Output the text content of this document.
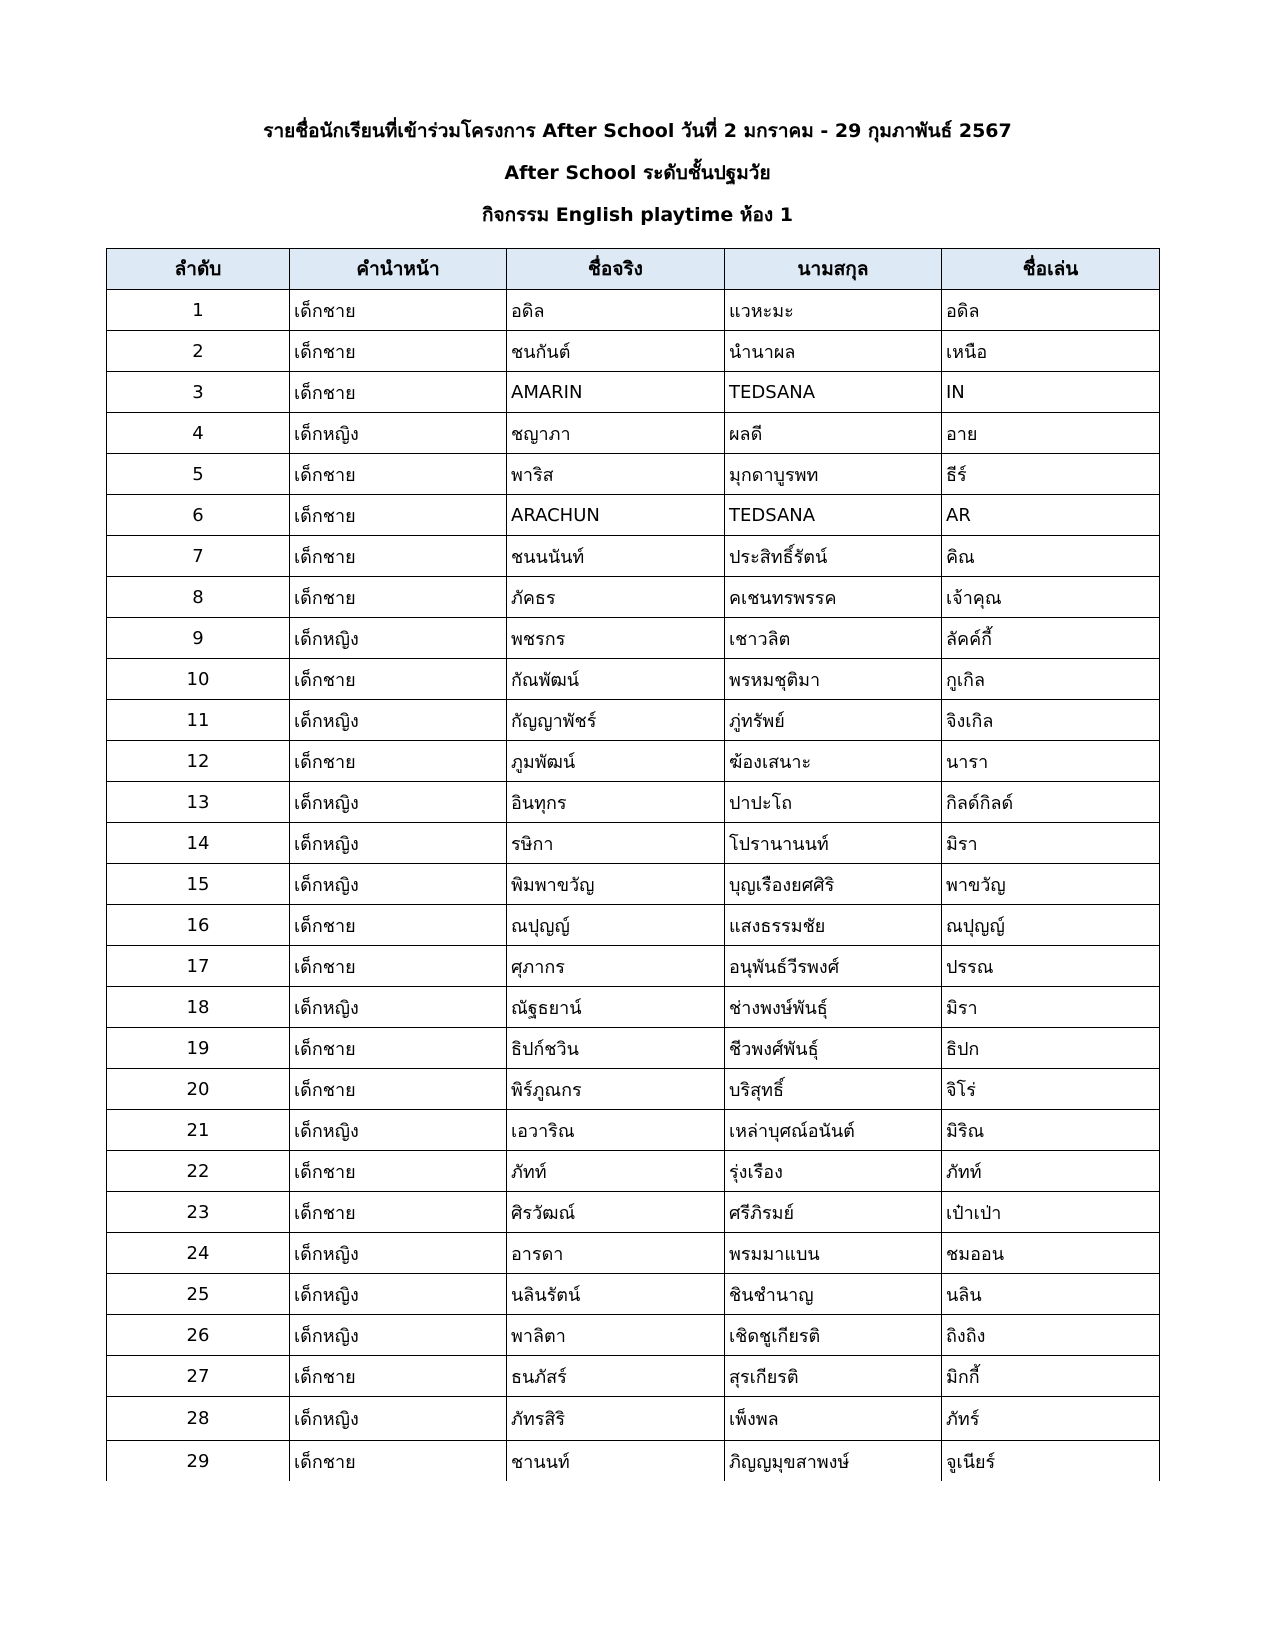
รายชื่อนักเรียนที่เข้าร่วมโครงการ After School วันที่ 2 มกราคม - 29 กุมภาพันธ์ 2567

After School ระดับชั้นปฐมวัย

กิจกรรม English playtime ห้อง 1

ลำดับ	คำนำหน้า	ชื่อจริง	นามสกุล	ชื่อเล่น
1	เด็กชาย	อดิล	แวหะมะ	อดิล
2	เด็กชาย	ชนกันต์	นำนาผล	เหนือ
3	เด็กชาย	AMARIN	TEDSANA	IN
4	เด็กหญิง	ชญาภา	ผลดี	อาย
5	เด็กชาย	พาริส	มุกดาบูรพท	ธีร์
6	เด็กชาย	ARACHUN	TEDSANA	AR
7	เด็กชาย	ชนนนันท์	ประสิทธิ์รัตน์	คิณ
8	เด็กชาย	ภัคธร	คเชนทรพรรค	เจ้าคุณ
9	เด็กหญิง	พชรกร	เชาวลิต	ลัคค์กี้
10	เด็กชาย	กัณพัฒน์	พรหมชุติมา	กูเกิล
11	เด็กหญิง	กัญญาพัชร์	ภู่ทรัพย์	จิงเกิล
12	เด็กชาย	ภูมพัฒน์	ฆ้องเสนาะ	นารา
13	เด็กหญิง	อินทุกร	ปาปะโถ	กิลด์กิลด์
14	เด็กหญิง	รษิกา	โปรานานนท์	มิรา
15	เด็กหญิง	พิมพาขวัญ	บุญเรืองยศศิริ	พาขวัญ
16	เด็กชาย	ณปุญญ์	แสงธรรมชัย	ณปุญญ์
17	เด็กชาย	ศุภากร	อนุพันธ์วีรพงศ์	ปรรณ
18	เด็กหญิง	ณัฐธยาน์	ช่างพงษ์พันธุ์	มิรา
19	เด็กชาย	ธิปก์ชวิน	ชีวพงศ์พันธุ์	ธิปก
20	เด็กชาย	พิร์ภูณกร	บริสุทธิ์	จิโร่
21	เด็กหญิง	เอวาริณ	เหล่าบุศณ์อนันต์	มิริณ
22	เด็กชาย	ภัทท์	รุ่งเรือง	ภัทท์
23	เด็กชาย	ศิรวัฒณ์	ศรีภิรมย์	เป๋าเป่า
24	เด็กหญิง	อารดา	พรมมาแบน	ชมออน
25	เด็กหญิง	นลินรัตน์	ชินชำนาญ	นลิน
26	เด็กหญิง	พาลิตา	เชิดชูเกียรติ	ถิงถิง
27	เด็กชาย	ธนภัสร์	สุรเกียรติ	มิกกี้
28	เด็กหญิง	ภัทรสิริ	เพ็งพล	ภัทร์
29	เด็กชาย	ชานนท์	ภิญญมุขสาพงษ์	จูเนียร์
